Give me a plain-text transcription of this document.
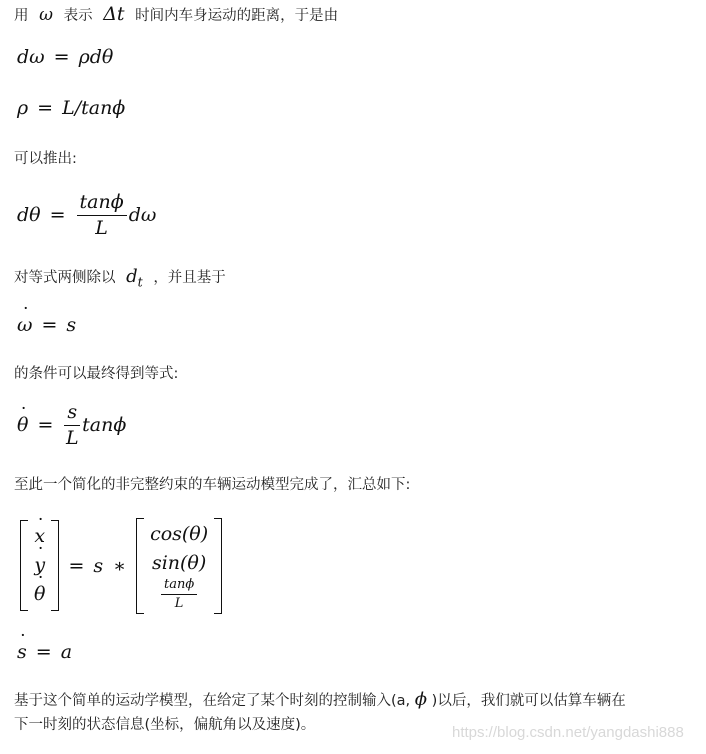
用 ω 表示 Δt 时间内车身运动的距离，于是由
dω = ρdθ
ρ = L/tanϕ
可以推出:
$d\theta = \frac{\tan\phi}{L}$ dω
对等式两侧除以 $d_t$ ，并且基于
˙ ω = s
的条件可以最终得到等式:
˙ $\theta = \frac{s}{L}$ tanϕ
至此一个简化的非完整约束的车辆运动模型完成了，汇总如下:
˙ x
˙ y
˙ θ
= s ∗
cos(θ)
sin(θ)
$\frac{\tan\phi}{L}$
˙ s = a
基于这个简单的运动学模型，在给定了某个时刻的控制输入(a, ϕ )以后，我们就可以估算车辆在
下一时刻的状态信息(坐标，偏航角以及速度)。	https://blog.csdn.net/yangdashi888
